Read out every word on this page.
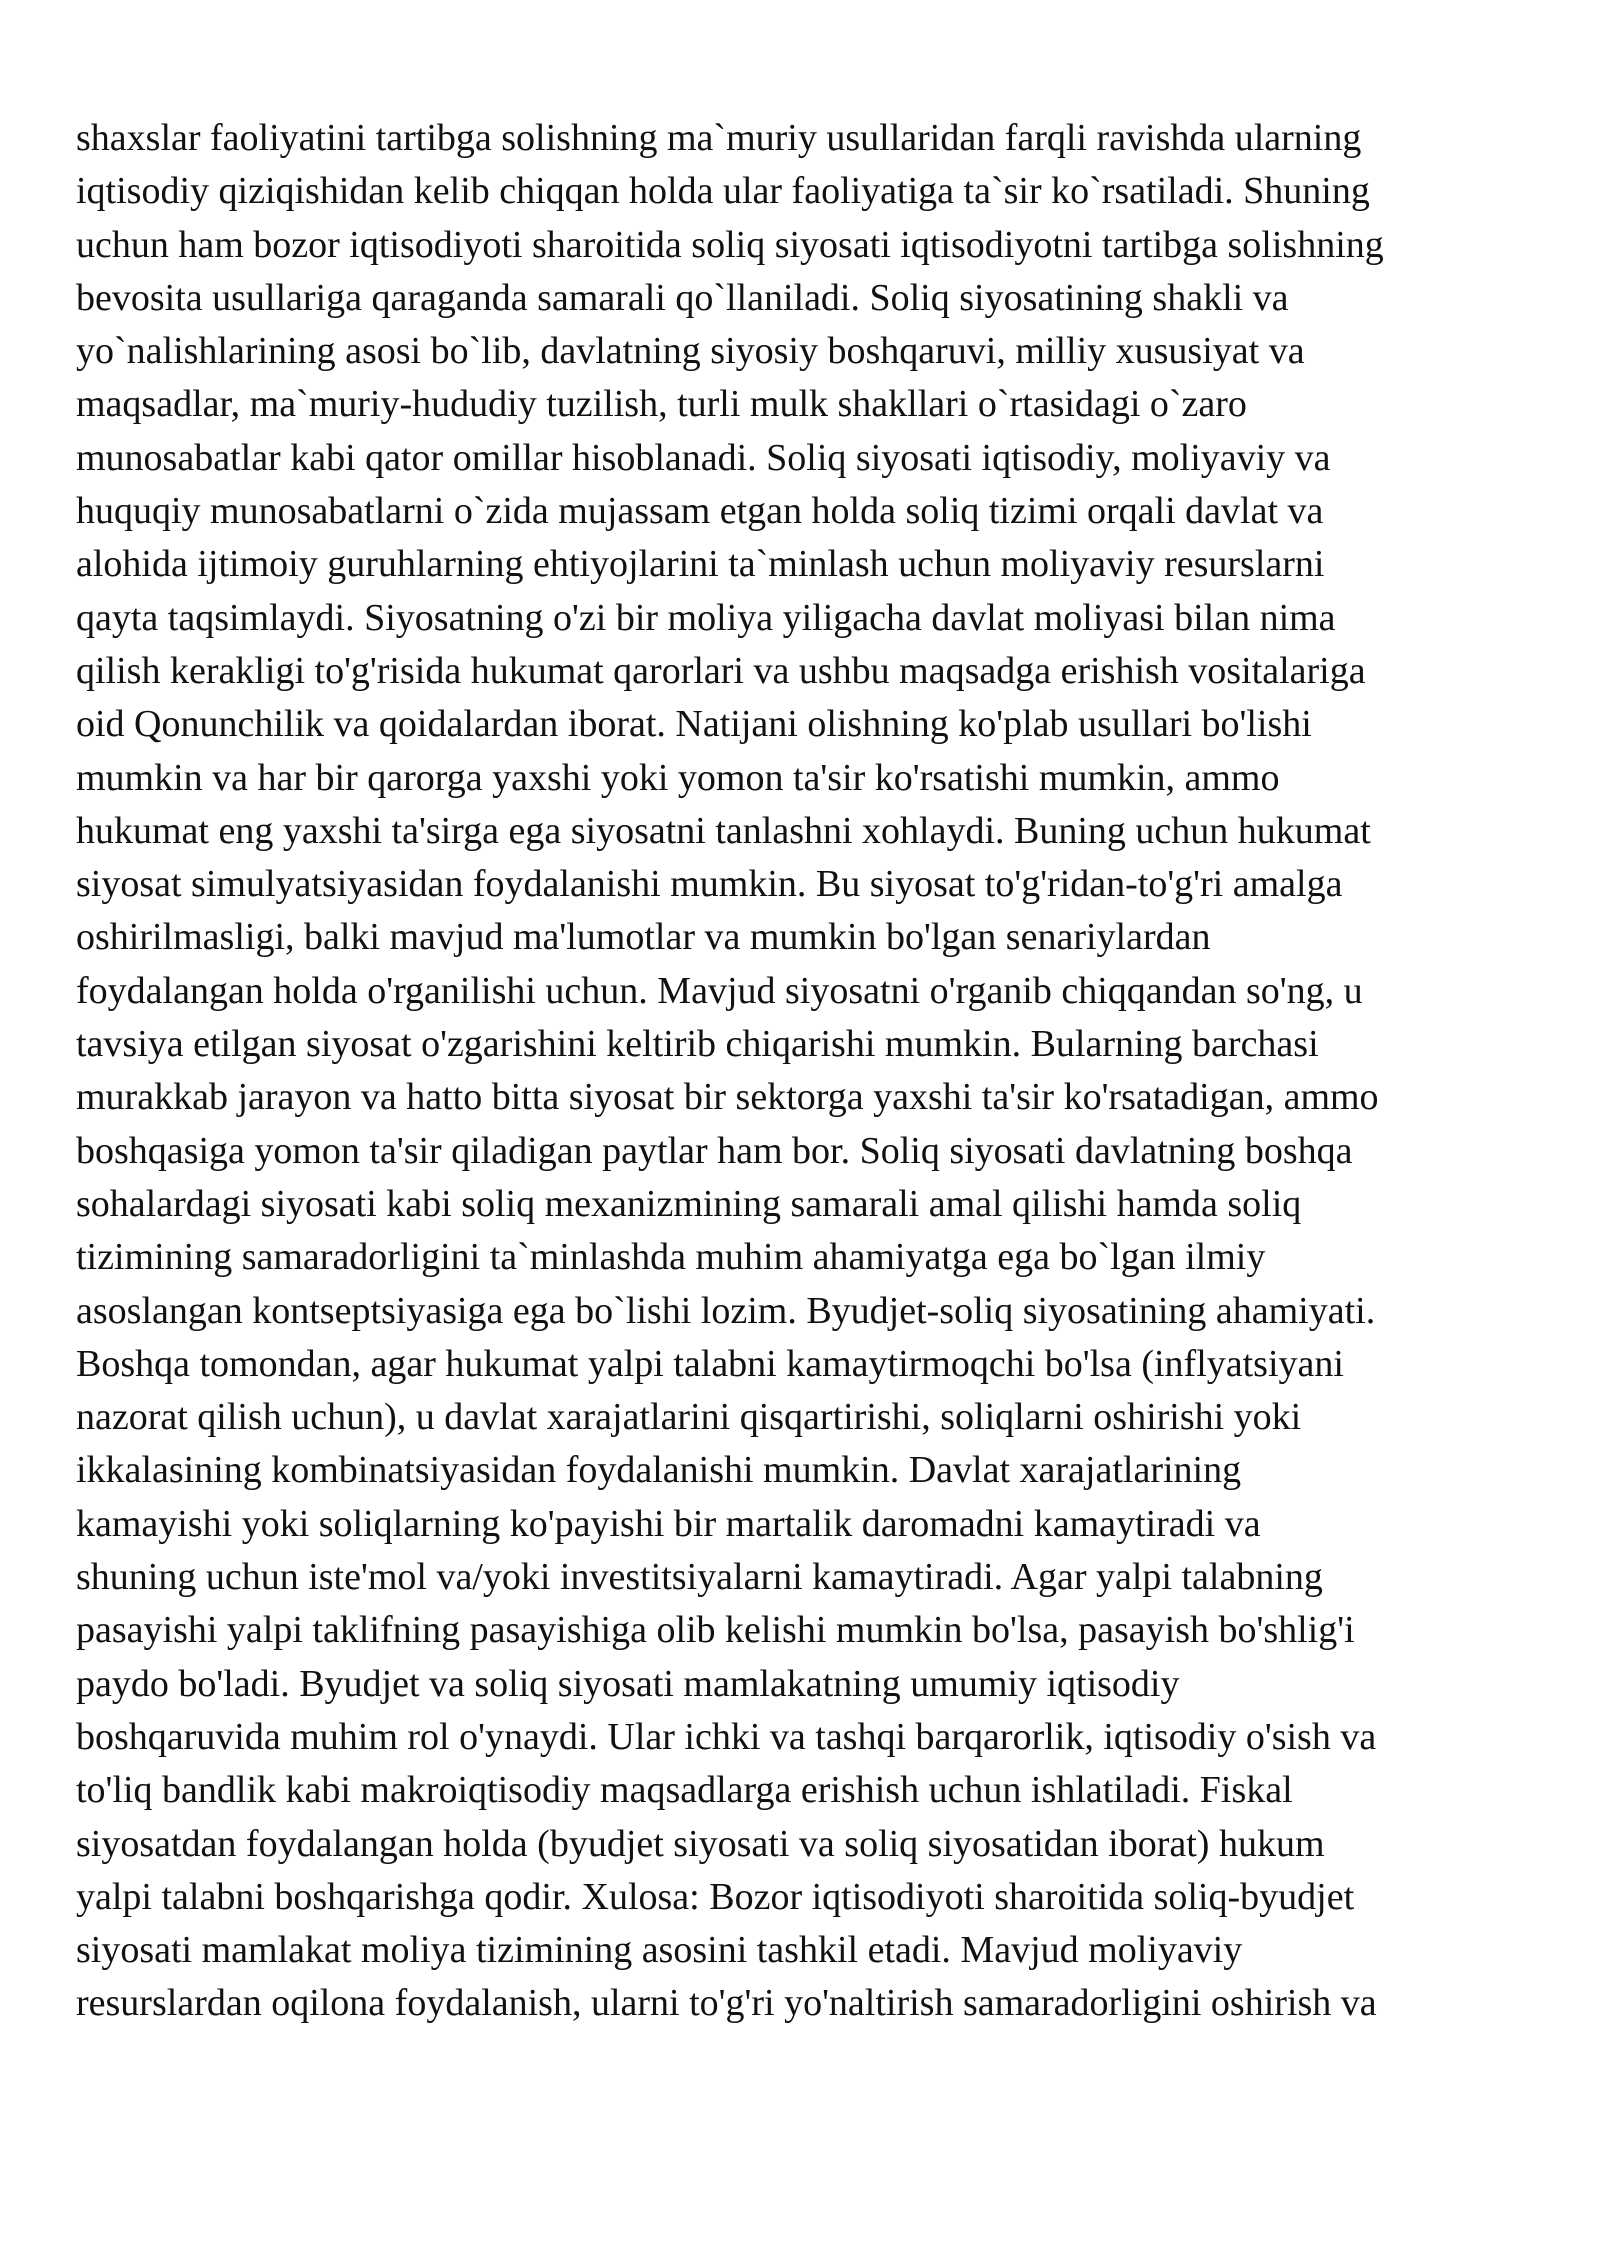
shaxslar faoliyatini tartibga solishning ma`muriy usullaridan farqli ravishda ularning
iqtisodiy qiziqishidan kelib chiqqan holda ular faoliyatiga ta`sir ko`rsatiladi. Shuning
uchun ham bozor iqtisodiyoti sharoitida soliq siyosati iqtisodiyotni tartibga solishning
bevosita usullariga qaraganda samarali qo`llaniladi. Soliq siyosatining shakli va
yo`nalishlarining asosi bo`lib, davlatning siyosiy boshqaruvi, milliy xususiyat va
maqsadlar, ma`muriy-hududiy tuzilish, turli mulk shakllari o`rtasidagi o`zaro
munosabatlar kabi qator omillar hisoblanadi. Soliq siyosati iqtisodiy, moliyaviy va
huquqiy munosabatlarni o`zida mujassam etgan holda soliq tizimi orqali davlat va
alohida ijtimoiy guruhlarning ehtiyojlarini ta`minlash uchun moliyaviy resurslarni
qayta taqsimlaydi. Siyosatning o'zi bir moliya yiligacha davlat moliyasi bilan nima
qilish kerakligi to'g'risida hukumat qarorlari va ushbu maqsadga erishish vositalariga
oid Qonunchilik va qoidalardan iborat. Natijani olishning ko'plab usullari bo'lishi
mumkin va har bir qarorga yaxshi yoki yomon ta'sir ko'rsatishi mumkin, ammo
hukumat eng yaxshi ta'sirga ega siyosatni tanlashni xohlaydi. Buning uchun hukumat
siyosat simulyatsiyasidan foydalanishi mumkin. Bu siyosat to'g'ridan-to'g'ri amalga
oshirilmasligi, balki mavjud ma'lumotlar va mumkin bo'lgan senariylardan
foydalangan holda o'rganilishi uchun. Mavjud siyosatni o'rganib chiqqandan so'ng, u
tavsiya etilgan siyosat o'zgarishini keltirib chiqarishi mumkin. Bularning barchasi
murakkab jarayon va hatto bitta siyosat bir sektorga yaxshi ta'sir ko'rsatadigan, ammo
boshqasiga yomon ta'sir qiladigan paytlar ham bor. Soliq siyosati davlatning boshqa
sohalardagi siyosati kabi soliq mexanizmining samarali amal qilishi hamda soliq
tizimining samaradorligini ta`minlashda muhim ahamiyatga ega bo`lgan ilmiy
asoslangan kontseptsiyasiga ega bo`lishi lozim. Byudjet-soliq siyosatining ahamiyati.
Boshqa tomondan, agar hukumat yalpi talabni kamaytirmoqchi bo'lsa (inflyatsiyani
nazorat qilish uchun), u davlat xarajatlarini qisqartirishi, soliqlarni oshirishi yoki
ikkalasining kombinatsiyasidan foydalanishi mumkin. Davlat xarajatlarining
kamayishi yoki soliqlarning ko'payishi bir martalik daromadni kamaytiradi va
shuning uchun iste'mol va/yoki investitsiyalarni kamaytiradi. Agar yalpi talabning
pasayishi yalpi taklifning pasayishiga olib kelishi mumkin bo'lsa, pasayish bo'shlig'i
paydo bo'ladi. Byudjet va soliq siyosati mamlakatning umumiy iqtisodiy
boshqaruvida muhim rol o'ynaydi. Ular ichki va tashqi barqarorlik, iqtisodiy o'sish va
to'liq bandlik kabi makroiqtisodiy maqsadlarga erishish uchun ishlatiladi. Fiskal
siyosatdan foydalangan holda (byudjet siyosati va soliq siyosatidan iborat) hukum
yalpi talabni boshqarishga qodir. Xulosa: Bozor iqtisodiyoti sharoitida soliq-byudjet
siyosati mamlakat moliya tizimining asosini tashkil etadi. Mavjud moliyaviy
resurslardan oqilona foydalanish, ularni to'g'ri yo'naltirish samaradorligini oshirish va
